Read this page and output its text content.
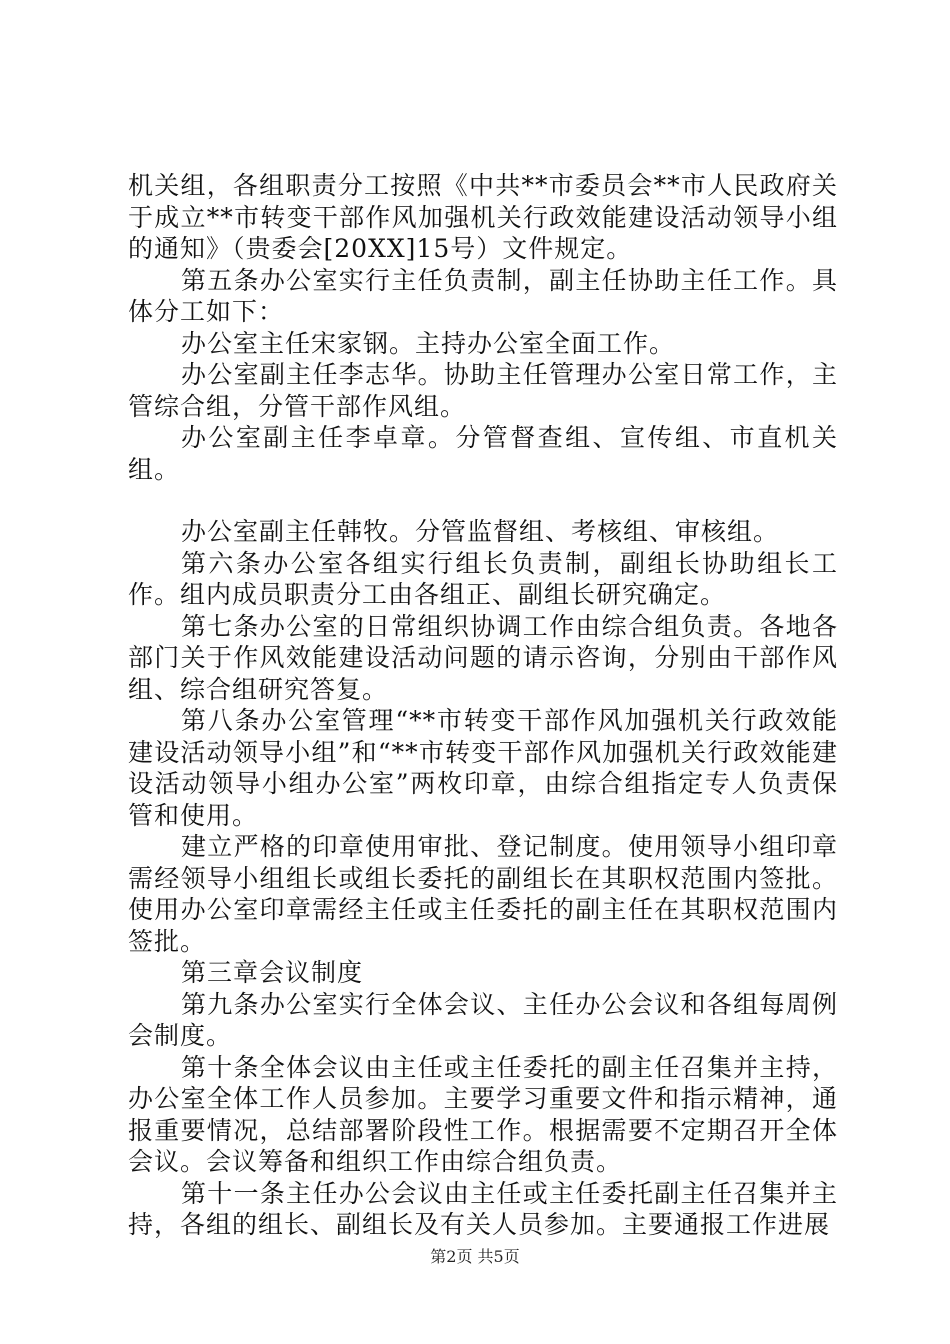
机关组，各组职责分工按照《中共**市委员会**市人民政府关于成立**市转变干部作风加强机关行政效能建设活动领导小组的通知》（贵委会[20XX]15号）文件规定。

第五条办公室实行主任负责制，副主任协助主任工作。具体分工如下：

办公室主任宋家钢。主持办公室全面工作。

办公室副主任李志华。协助主任管理办公室日常工作，主管综合组，分管干部作风组。

办公室副主任李卓章。分管督查组、宣传组、市直机关组。

办公室副主任韩牧。分管监督组、考核组、审核组。

第六条办公室各组实行组长负责制，副组长协助组长工作。组内成员职责分工由各组正、副组长研究确定。

第七条办公室的日常组织协调工作由综合组负责。各地各部门关于作风效能建设活动问题的请示咨询，分别由干部作风组、综合组研究答复。

第八条办公室管理“**市转变干部作风加强机关行政效能建设活动领导小组”和“**市转变干部作风加强机关行政效能建设活动领导小组办公室”两枚印章，由综合组指定专人负责保管和使用。

建立严格的印章使用审批、登记制度。使用领导小组印章需经领导小组组长或组长委托的副组长在其职权范围内签批。使用办公室印章需经主任或主任委托的副主任在其职权范围内签批。

第三章会议制度

第九条办公室实行全体会议、主任办公会议和各组每周例会制度。

第十条全体会议由主任或主任委托的副主任召集并主持，办公室全体工作人员参加。主要学习重要文件和指示精神，通报重要情况，总结部署阶段性工作。根据需要不定期召开全体会议。会议筹备和组织工作由综合组负责。

第十一条主任办公会议由主任或主任委托副主任召集并主持，各组的组长、副组长及有关人员参加。主要通报工作进展

第2页 共5页
